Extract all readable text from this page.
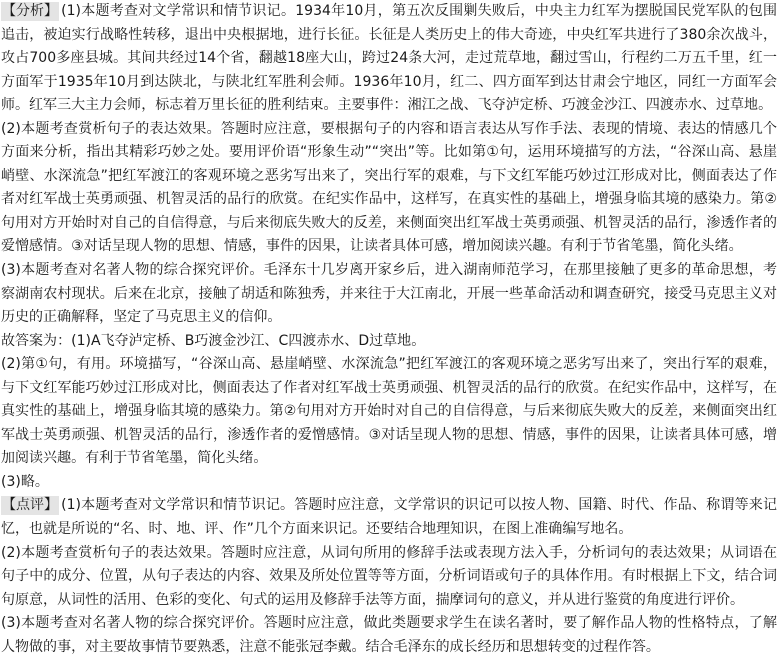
【分析】 (1)本题考查对文学常识和情节识记。1934年10月，第五次反围剿失败后，中央主力红军为摆脱国民党军队的包围追击，被迫实行战略性转移，退出中央根据地，进行长征。长征是人类历史上的伟大奇迹，中央红军共进行了380余次战斗，攻占700多座县城。其间共经过14个省，翻越18座大山，跨过24条大河，走过荒草地，翻过雪山，行程约二万五千里，红一方面军于1935年10月到达陕北，与陕北红军胜利会师。1936年10月，红二、四方面军到达甘肃会宁地区，同红一方面军会师。红军三大主力会师，标志着万里长征的胜利结束。主要事件：湘江之战、飞夺泸定桥、巧渡金沙江、四渡赤水、过草地。

(2)本题考查赏析句子的表达效果。答题时应注意，要根据句子的内容和语言表达从写作手法、表现的情境、表达的情感几个方面来分析，指出其精彩巧妙之处。要用评价语“形象生动”“突出”等。比如第①句，运用环境描写的方法，“谷深山高、悬崖峭壁、水深流急”把红军渡江的客观环境之恶劣写出来了，突出行军的艰难，与下文红军能巧妙过江形成对比，侧面表达了作者对红军战士英勇顽强、机智灵活的品行的欣赏。在纪实作品中，这样写，在真实性的基础上，增强身临其境的感染力。第②句用对方开始时对自己的自信得意，与后来彻底失败大的反差，来侧面突出红军战士英勇顽强、机智灵活的品行，渗透作者的爱憎感情。③对话呈现人物的思想、情感，事件的因果，让读者具体可感，增加阅读兴趣。有利于节省笔墨，简化头绪。

(3)本题考查对名著人物的综合探究评价。毛泽东十几岁离开家乡后，进入湖南师范学习，在那里接触了更多的革命思想，考察湖南农村现状。后来在北京，接触了胡适和陈独秀，并来往于大江南北，开展一些革命活动和调查研究，接受马克思主义对历史的正确解释，坚定了马克思主义的信仰。

故答案为：(1)A飞夺泸定桥、B巧渡金沙江、C四渡赤水、D过草地。

(2)第①句，有用。环境描写，“谷深山高、悬崖峭壁、水深流急”把红军渡江的客观环境之恶劣写出来了，突出行军的艰难，与下文红军能巧妙过江形成对比，侧面表达了作者对红军战士英勇顽强、机智灵活的品行的欣赏。在纪实作品中，这样写，在真实性的基础上，增强身临其境的感染力。第②句用对方开始时对自己的自信得意，与后来彻底失败大的反差，来侧面突出红军战士英勇顽强、机智灵活的品行，渗透作者的爱憎感情。③对话呈现人物的思想、情感，事件的因果，让读者具体可感，增加阅读兴趣。有利于节省笔墨，简化头绪。

(3)略。

【点评】 (1)本题考查对文学常识和情节识记。答题时应注意，文学常识的识记可以按人物、国籍、时代、作品、称谓等来记忆，也就是所说的“名、时、地、评、作”几个方面来识记。还要结合地理知识，在图上准确编写地名。

(2)本题考查赏析句子的表达效果。答题时应注意，从词句所用的修辞手法或表现方法入手，分析词句的表达效果；从词语在句子中的成分、位置，从句子表达的内容、效果及所处位置等等方面，分析词语或句子的具体作用。有时根据上下文，结合词句原意，从词性的活用、色彩的变化、句式的运用及修辞手法等方面，揣摩词句的意义，并从进行鉴赏的角度进行评价。

(3)本题考查对名著人物的综合探究评价。答题时应注意，做此类题要求学生在读名著时，要了解作品人物的性格特点，了解人物做的事，对主要故事情节要熟悉，注意不能张冠李戴。结合毛泽东的成长经历和思想转变的过程作答。
